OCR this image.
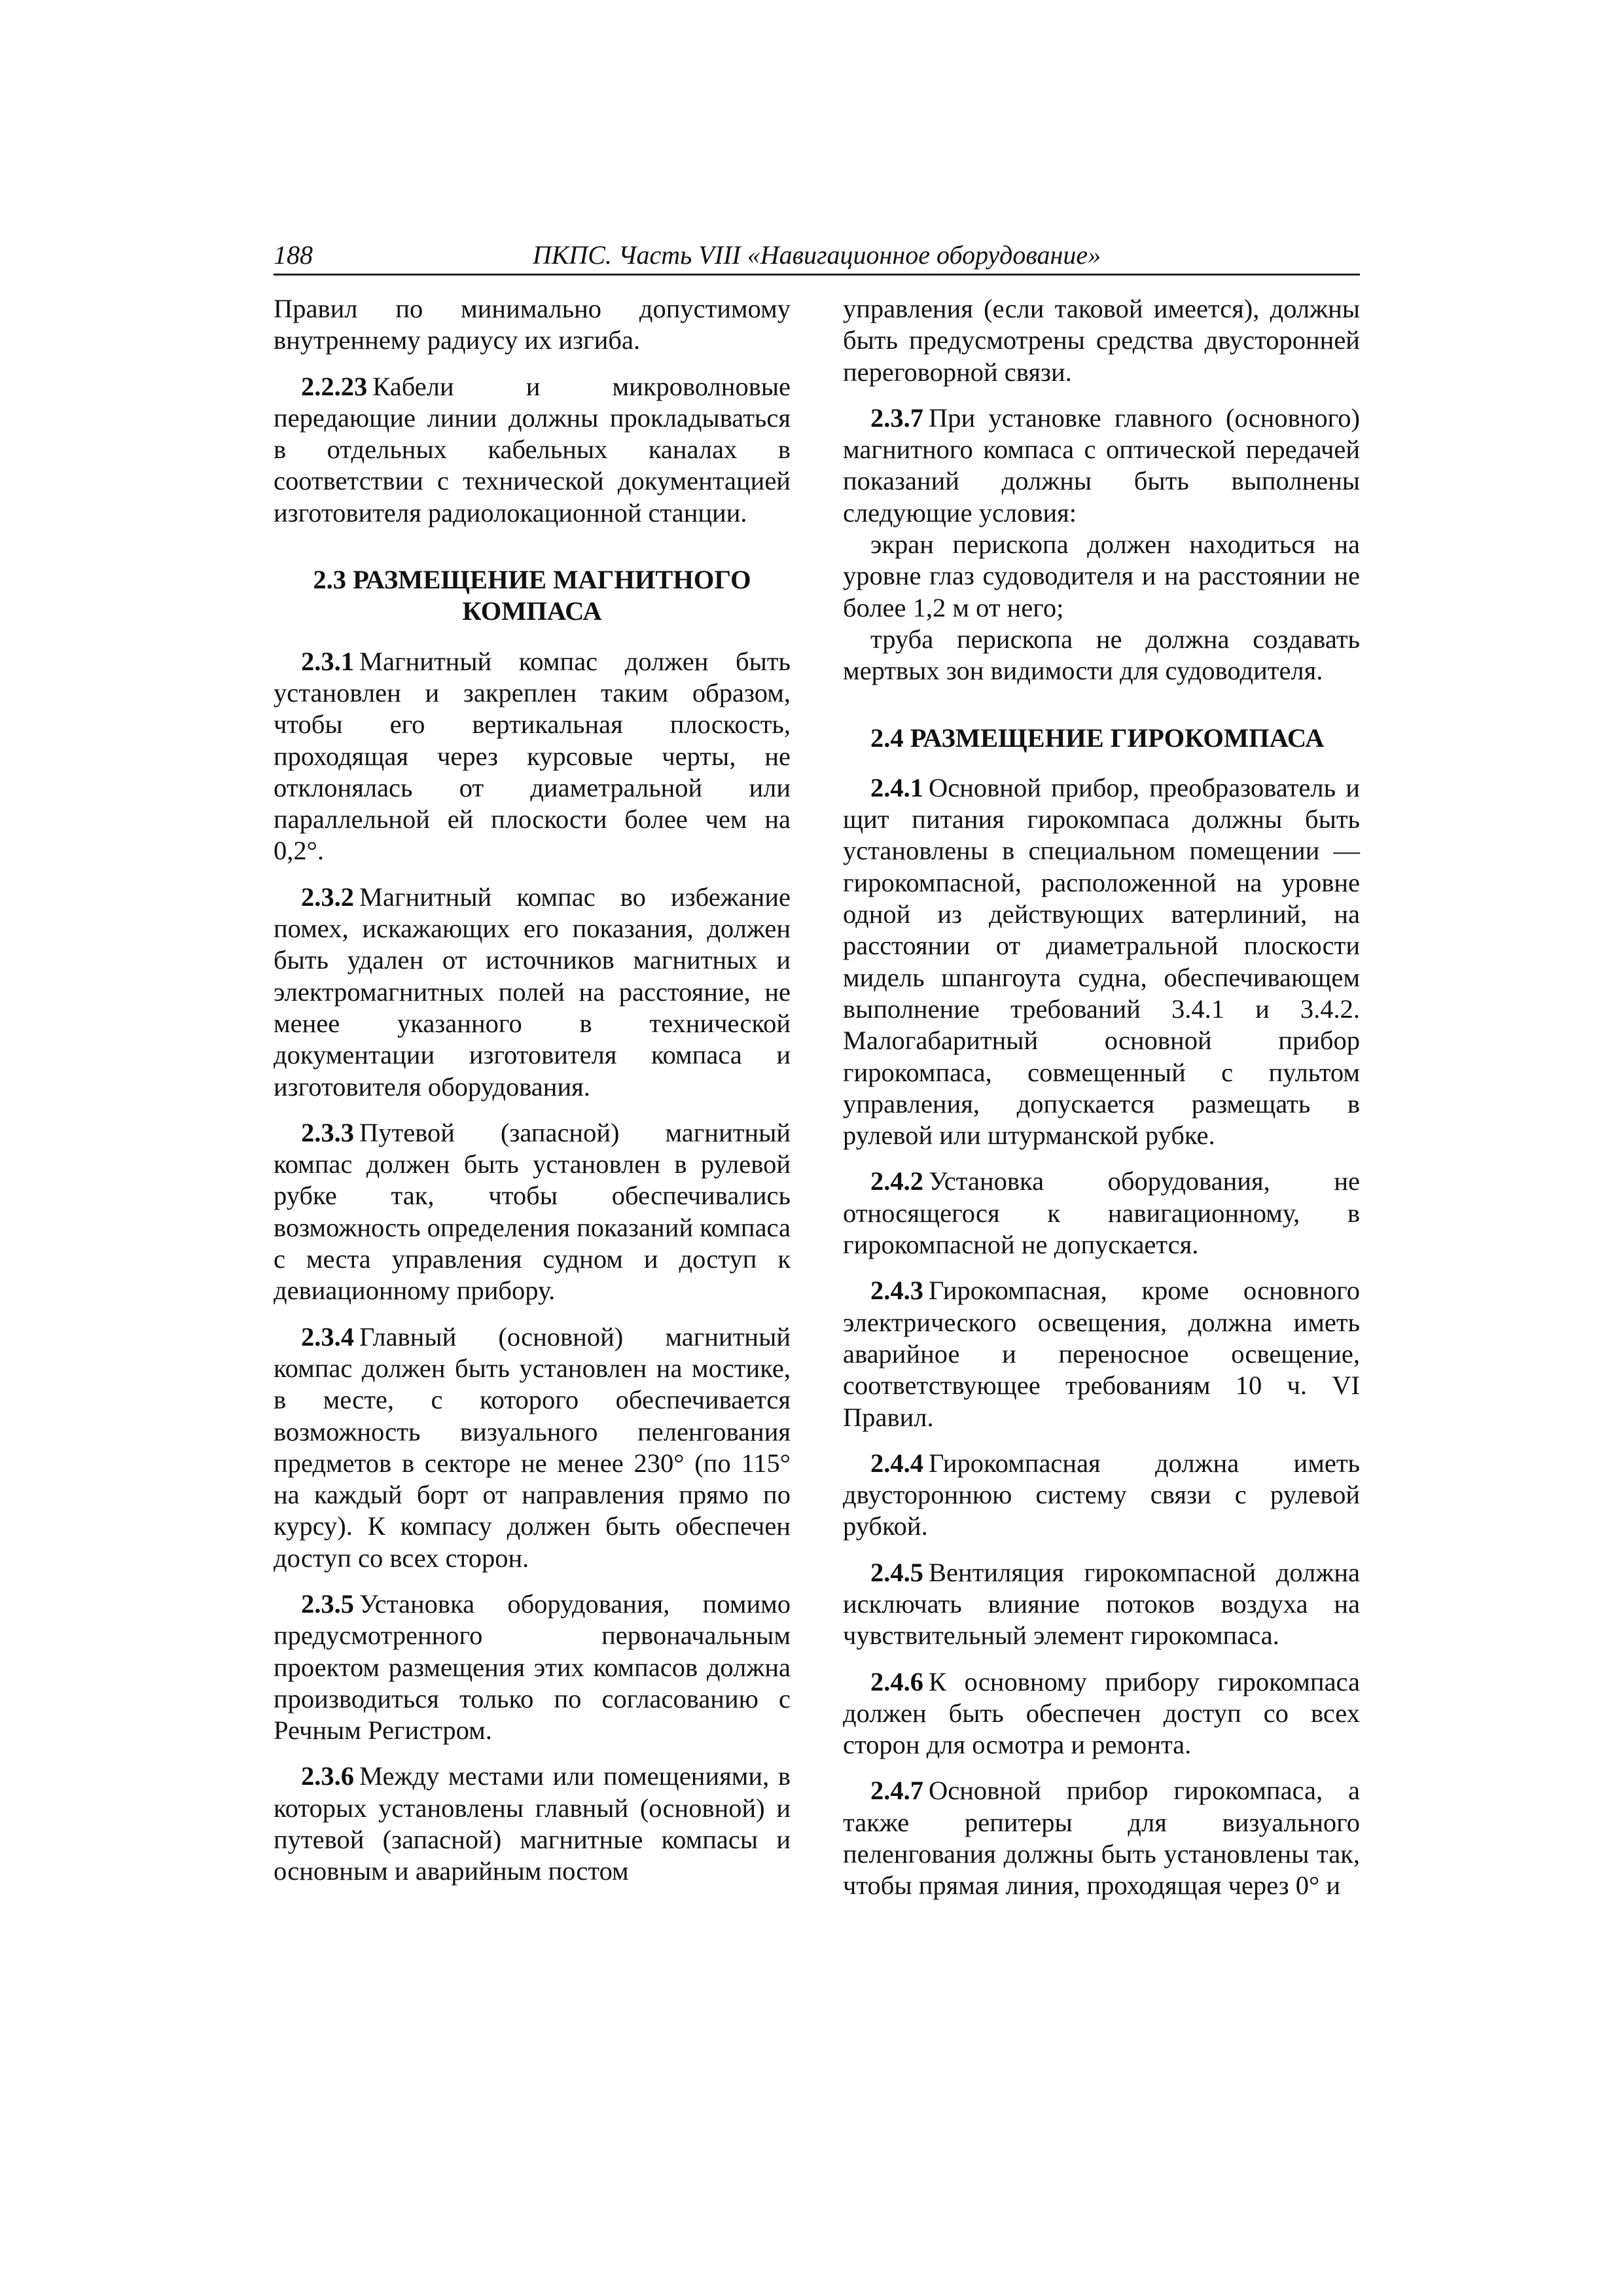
188	ПКПС. Часть VIII «Навигационное оборудование»

Правил по минимально допустимому внутреннему радиусу их изгиба.

2.2.23 Кабели и микроволновые передающие линии должны прокладываться в отдельных кабельных каналах в соответствии с технической документацией изготовителя радиолокационной станции.

2.3 РАЗМЕЩЕНИЕ МАГНИТНОГО
КОМПАСА

2.3.1 Магнитный компас должен быть установлен и закреплен таким образом, чтобы его вертикальная плоскость, проходящая через курсовые черты, не отклонялась от диаметральной или параллельной ей плоскости более чем на 0,2°.

2.3.2 Магнитный компас во избежание помех, искажающих его показания, должен быть удален от источников магнитных и электромагнитных полей на расстояние, не менее указанного в технической документации изготовителя компаса и изготовителя оборудования.

2.3.3 Путевой (запасной) магнитный компас должен быть установлен в рулевой рубке так, чтобы обеспечивались возможность определения показаний компаса с места управления судном и доступ к девиационному прибору.

2.3.4 Главный (основной) магнитный компас должен быть установлен на мостике, в месте, с которого обеспечивается возможность визуального пеленгования предметов в секторе не менее 230° (по 115° на каждый борт от направления прямо по курсу). К компасу должен быть обеспечен доступ со всех сторон.

2.3.5 Установка оборудования, помимо предусмотренного первоначальным проектом размещения этих компасов должна производиться только по согласованию с Речным Регистром.

2.3.6 Между местами или помещениями, в которых установлены главный (основной) и путевой (запасной) магнитные компасы и основным и аварийным постом

управления (если таковой имеется), должны быть предусмотрены средства двусторонней переговорной связи.

2.3.7 При установке главного (основного) магнитного компаса с оптической передачей показаний должны быть выполнены следующие условия:

экран перископа должен находиться на уровне глаз судоводителя и на расстоянии не более 1,2 м от него;

труба перископа не должна создавать мертвых зон видимости для судоводителя.

2.4 РАЗМЕЩЕНИЕ ГИРОКОМПАСА

2.4.1 Основной прибор, преобразователь и щит питания гирокомпаса должны быть установлены в специальном помещении — гирокомпасной, расположенной на уровне одной из действующих ватерлиний, на расстоянии от диаметральной плоскости мидель шпангоута судна, обеспечивающем выполнение требований 3.4.1 и 3.4.2. Малогабаритный основной прибор гирокомпаса, совмещенный с пультом управления, допускается размещать в рулевой или штурманской рубке.

2.4.2 Установка оборудования, не относящегося к навигационному, в гирокомпасной не допускается.

2.4.3 Гирокомпасная, кроме основного электрического освещения, должна иметь аварийное и переносное освещение, соответствующее требованиям 10 ч. VI Правил.

2.4.4 Гирокомпасная должна иметь двустороннюю систему связи с рулевой рубкой.

2.4.5 Вентиляция гирокомпасной должна исключать влияние потоков воздуха на чувствительный элемент гирокомпаса.

2.4.6 К основному прибору гирокомпаса должен быть обеспечен доступ со всех сторон для осмотра и ремонта.

2.4.7 Основной прибор гирокомпаса, а также репитеры для визуального пеленгования должны быть установлены так, чтобы прямая линия, проходящая через 0° и
